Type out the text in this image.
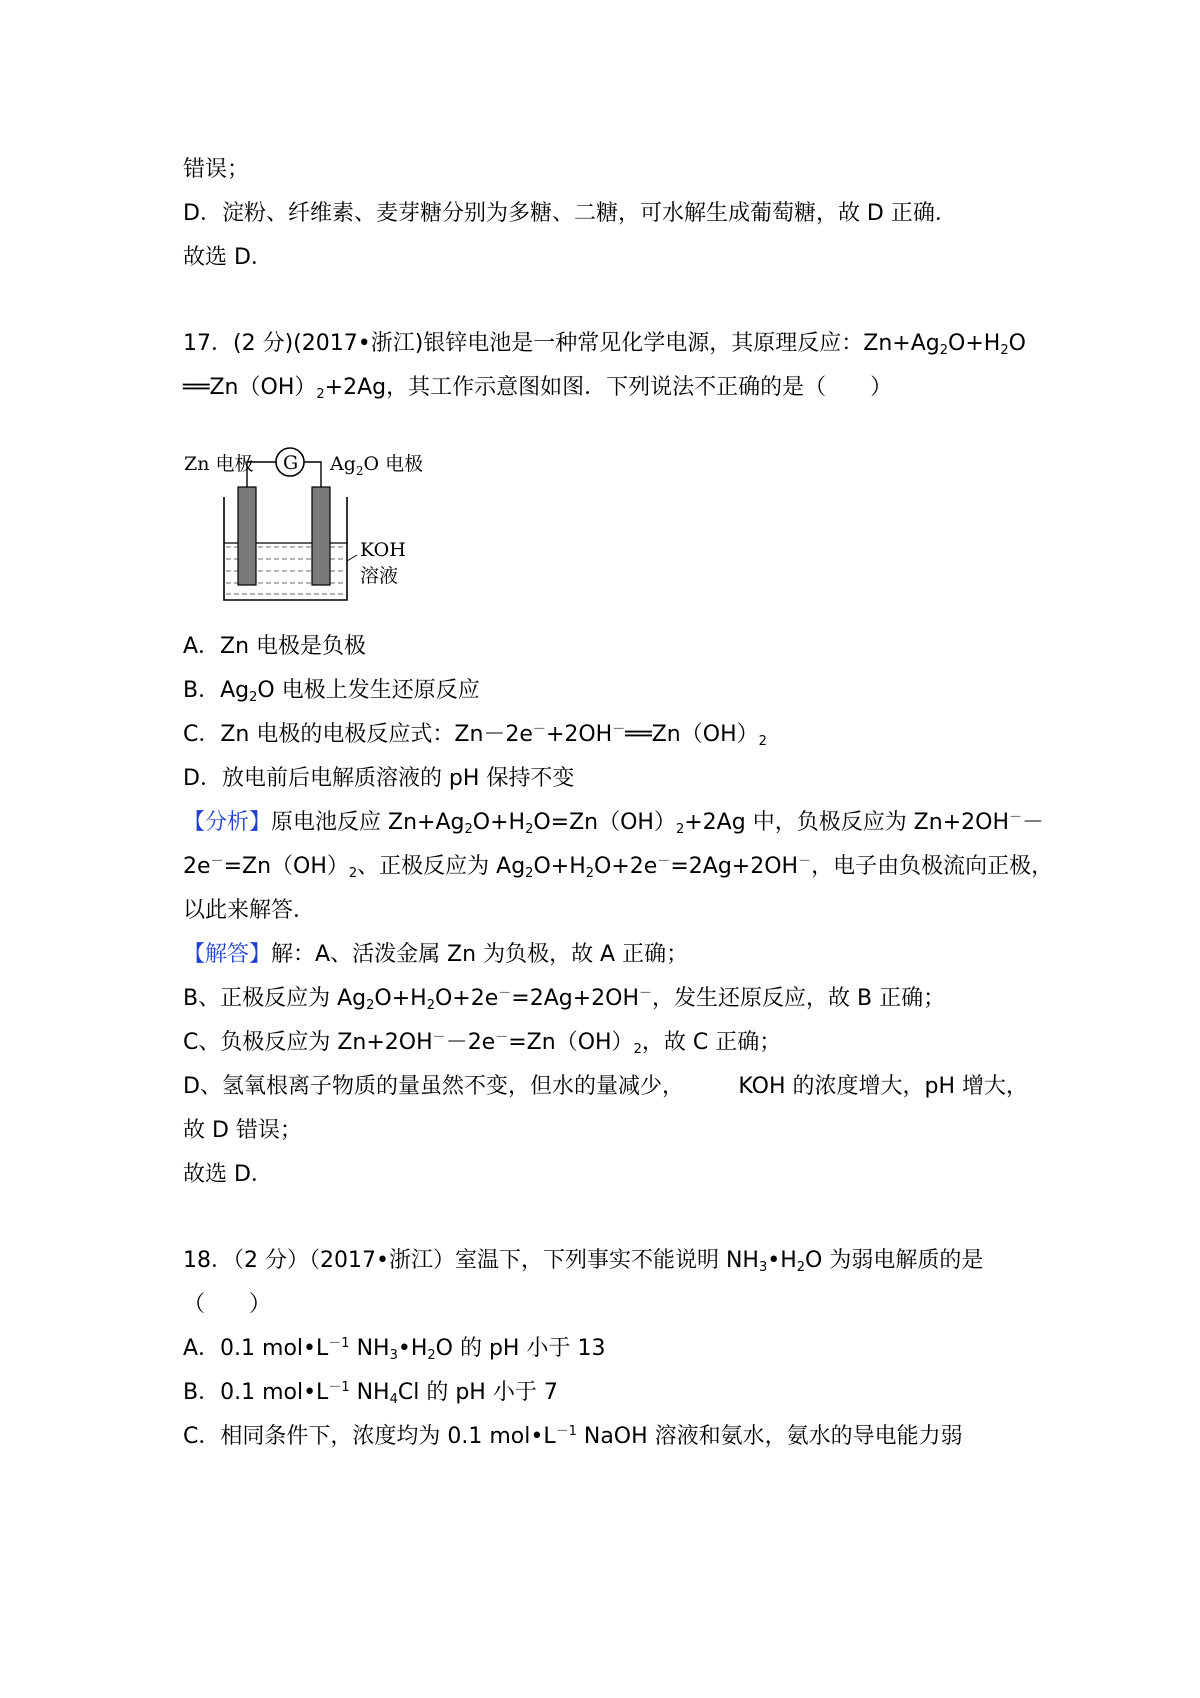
错误；
D．淀粉、纤维素、麦芽糖分别为多糖、二糖，可水解生成葡萄糖，故 D 正确．
故选 D．
17．(2 分)(2017•浙江)银锌电池是一种常见化学电源，其原理反应：$Zn+Ag_2O+H_2O$
$══Zn(OH)_2+2Ag$，其工作示意图如图．下列说法不正确的是（　　）
Zn 电极 G $Ag_2O$ 电极
KOH
溶液
A．Zn 电极是负极
B．$Ag_2O$ 电极上发生还原反应
C．Zn 电极的电极反应式：$Zn-2e^-+2OH^-══Zn(OH)_2$
D．放电前后电解质溶液的 pH 保持不变
【分析】原电池反应 $Zn+Ag_2O+H_2O=Zn(OH)_2+2Ag$ 中，负极反应为 Zn+2OH－ －
$2e^-=Zn(OH)_2$、正极反应为 $Ag_2O+H_2O+2e^-=2Ag+2OH^-$，电子由负极流向正极，
以此来解答．
【解答】解：A、活泼金属 Zn 为负极，故 A 正确；
B、正极反应为 $Ag_2O+H_2O+2e^-=2Ag+2OH^-$，发生还原反应，故 B 正确；
C、负极反应为 $Zn+2OH^--2e^-=Zn(OH)_2$，故 C 正确；
D、氢氧根离子物质的量虽然不变，但水的量减少， KOH 的浓度增大，pH 增大，
故 D 错误；
故选 D．
18．（2 分）（2017•浙江）室温下，下列事实不能说明 $NH_3•H_2O$ 为弱电解质的是
（　　）
A．0.1 $mol•L^{-1}$ $NH_3•H_2O$ 的 pH 小于 13
B．0.1 $mol•L^{-1}$ $NH_4Cl$ 的 pH 小于 7
C．相同条件下，浓度均为 0.1 $mol•L^{-1}$ NaOH 溶液和氨水，氨水的导电能力弱
